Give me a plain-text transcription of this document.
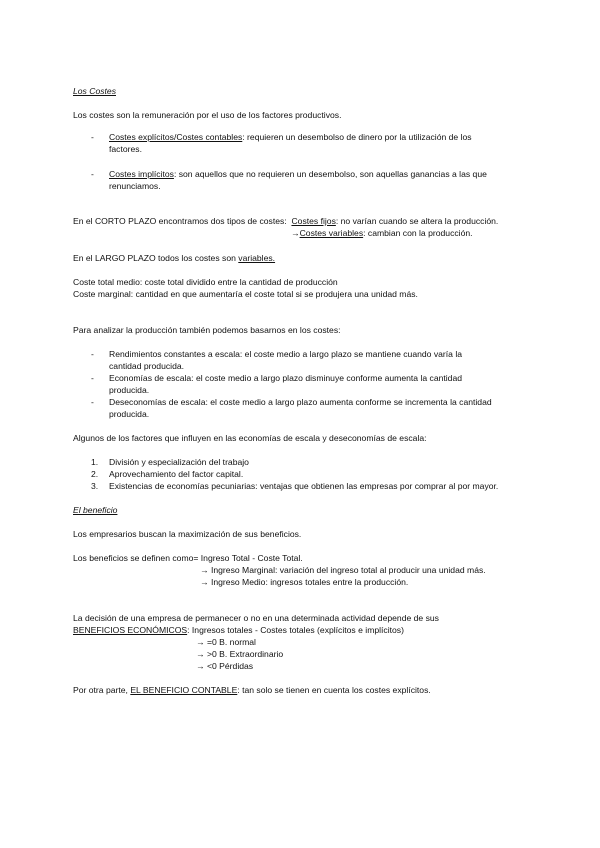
Los Costes
Los costes son la remuneración por el uso de los factores productivos.
- Costes explícitos/Costes contables: requieren un desembolso de dinero por la utilización de los
factores.
- Costes implícitos: son aquellos que no requieren un desembolso, son aquellas ganancias a las que
renunciamos.
En el CORTO PLAZO encontramos dos tipos de costes: Costes fijos: no varían cuando se altera la producción.
→Costes variables: cambian con la producción.
En el LARGO PLAZO todos los costes son variables.
Coste total medio: coste total dividido entre la cantidad de producción
Coste marginal: cantidad en que aumentaría el coste total si se produjera una unidad más.
Para analizar la producción también podemos basarnos en los costes:
- Rendimientos constantes a escala: el coste medio a largo plazo se mantiene cuando varía la
cantidad producida.
- Economías de escala: el coste medio a largo plazo disminuye conforme aumenta la cantidad
producida.
- Deseconomías de escala: el coste medio a largo plazo aumenta conforme se incrementa la cantidad
producida.
Algunos de los factores que influyen en las economías de escala y deseconomías de escala:
1. División y especialización del trabajo
2. Aprovechamiento del factor capital.
3. Existencias de economías pecuniarias: ventajas que obtienen las empresas por comprar al por mayor.
El beneficio
Los empresarios buscan la maximización de sus beneficios.
Los beneficios se definen como= Ingreso Total - Coste Total.
→ Ingreso Marginal: variación del ingreso total al producir una unidad más.
→ Ingreso Medio: ingresos totales entre la producción.
La decisión de una empresa de permanecer o no en una determinada actividad depende de sus
BENEFICIOS ECONÓMICOS: Ingresos totales - Costes totales (explícitos e implícitos)
→ =0 B. normal
→ >0 B. Extraordinario
→ <0 Pérdidas
Por otra parte, EL BENEFICIO CONTABLE: tan solo se tienen en cuenta los costes explícitos.
